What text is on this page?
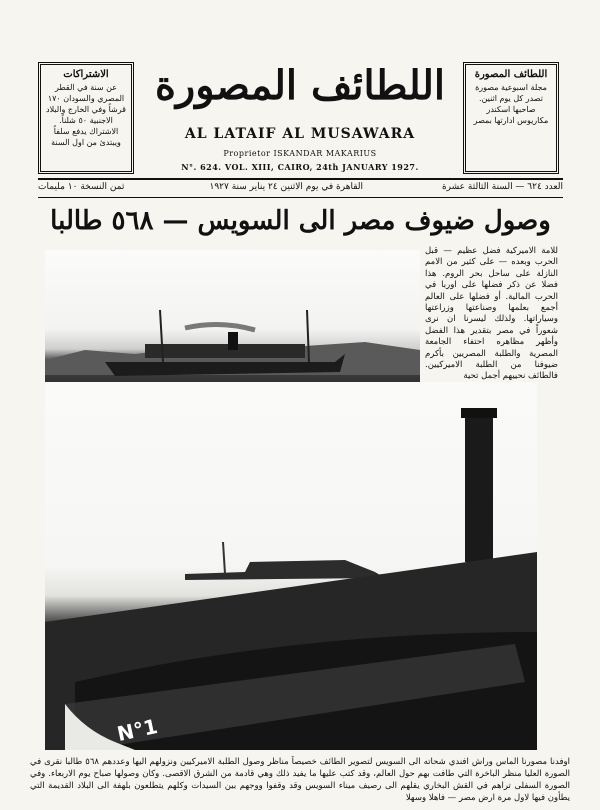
الاشتراكات
عن سنة في القطر المصري والسودان ١٧٠ قرشاً وفي الخارج والبلاد الاجنبية ٥٠ شلناً. الاشتراك يدفع سلفاً ويبتدئ من اول السنة
اللطائف المصورة
AL LATAIF AL MUSAWARA
Proprietor ISKANDAR MAKARIUS
N°. 624. VOL. XIII, CAIRO, 24th JANUARY 1927.
اللطائف المصورة
مجلة اسبوعية مصورة تصدر كل يوم اثنين. صاحبها اسكندر مكاريوس ادارتها بمصر
العدد ٦٢٤ — السنة الثالثة عشرة
القاهرة في يوم الاثنين ٢٤ يناير سنة ١٩٢٧
ثمن النسخة ١٠ مليمات
وصول ضيوف مصر الى السويس — ٥٦٨ طالبا
للامة الاميركية فضل عظيم — قبل الحرب وبعده — على كثير من الامم النازلة على ساحل بحر الروم. هذا فضلا عن ذكر فضلها على اوربا في الحرب المالية. أو فضلها على العالم أجمع بعلمها وصناعتها وزراعتها وسياراتها. ولذلك ليسرنا ان نرى شعوراً في مصر بتقدير هذا الفضل وأظهر مظاهره احتفاء الجامعة المصرية والطلبة المصريين بأكرم ضيوفنا من الطلبة الاميركيين. فالطائف نحييهم أجمل تحية
N°1
اوفدنا مصورنا الماس وراش افندي شحاته الى السويس لتصوير الطائف خصيصاً مناظر وصول الطلبة الاميركيين ونزولهم اليها وعددهم ٥٦٨ طالبا نقرى في الصورة العليا منظر الباخرة التي طافت بهم حول العالم، وقد كتب عليها ما يفيد ذلك وهي قادمة من الشرق الاقصى. وكان وصولها صباح يوم الاربعاء. وفي الصورة السفلى تراهم في القش البخاري يقلهم الى رصيف ميناء السويس وقد وقفوا ووجهم بين السيدات وكلهم يتطلعون بلهفة الى البلاد القديمة التي يطأون فيها لاول مرة ارض مصر — فاهلا وسهلا
